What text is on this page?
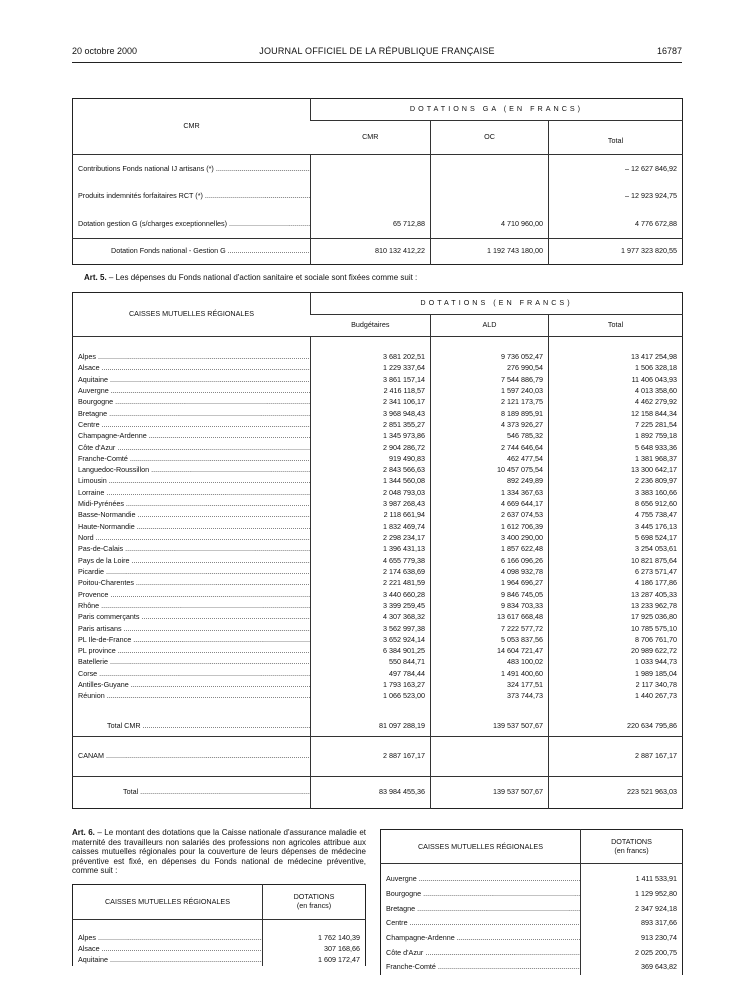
20 octobre 2000	JOURNAL OFFICIEL DE LA RÉPUBLIQUE FRANÇAISE	16787
CMR	DOTATIONS GA (EN FRANCS)		
	CMR	OC	Total
Contributions Fonds national IJ artisans (*) .....			– 12 627 846,92
Produits indemnités forfaitaires RCT (*) .....			– 12 923 924,75
Dotation gestion G (s/charges exceptionnelles) .....	65 712,88	4 710 960,00	4 776 672,88
Dotation Fonds national - Gestion G .....	810 132 412,22	1 192 743 180,00	1 977 323 820,55
Art. 5. – Les dépenses du Fonds national d'action sanitaire et sociale sont fixées comme suit :
CAISSES MUTUELLES RÉGIONALES	DOTATIONS (EN FRANCS)		
	Budgétaires	ALD	Total

Alpes .....	3 681 202,51	9 736 052,47	13 417 254,98
Alsace .....	1 229 337,64	276 990,54	1 506 328,18
Aquitaine .....	3 861 157,14	7 544 886,79	11 406 043,93
Auvergne .....	2 416 118,57	1 597 240,03	4 013 358,60
Bourgogne .....	2 341 106,17	2 121 173,75	4 462 279,92
Bretagne .....	3 968 948,43	8 189 895,91	12 158 844,34
Centre .....	2 851 355,27	4 373 926,27	7 225 281,54
Champagne-Ardenne .....	1 345 973,86	546 785,32	1 892 759,18
Côte d'Azur .....	2 904 286,72	2 744 646,64	5 648 933,36
Franche-Comté .....	919 490,83	462 477,54	1 381 968,37
Languedoc-Roussillon .....	2 843 566,63	10 457 075,54	13 300 642,17
Limousin .....	1 344 560,08	892 249,89	2 236 809,97
Lorraine .....	2 048 793,03	1 334 367,63	3 383 160,66
Midi-Pyrénées .....	3 987 268,43	4 669 644,17	8 656 912,60
Basse-Normandie .....	2 118 661,94	2 637 074,53	4 755 738,47
Haute-Normandie .....	1 832 469,74	1 612 706,39	3 445 176,13
Nord .....	2 298 234,17	3 400 290,00	5 698 524,17
Pas-de-Calais .....	1 396 431,13	1 857 622,48	3 254 053,61
Pays de la Loire .....	4 655 779,38	6 166 096,26	10 821 875,64
Picardie .....	2 174 638,69	4 098 932,78	6 273 571,47
Poitou-Charentes .....	2 221 481,59	1 964 696,27	4 186 177,86
Provence .....	3 440 660,28	9 846 745,05	13 287 405,33
Rhône .....	3 399 259,45	9 834 703,33	13 233 962,78
Paris commerçants .....	4 307 368,32	13 617 668,48	17 925 036,80
Paris artisans .....	3 562 997,38	7 222 577,72	10 785 575,10
PL Ile-de-France .....	3 652 924,14	5 053 837,56	8 706 761,70
PL province .....	6 384 901,25	14 604 721,47	20 989 622,72
Batellerie .....	550 844,71	483 100,02	1 033 944,73
Corse .....	497 784,44	1 491 400,60	1 989 185,04
Antilles-Guyane .....	1 793 163,27	324 177,51	2 117 340,78
Réunion .....	1 066 523,00	373 744,73	1 440 267,73

Total CMR .....	81 097 288,19	139 537 507,67	220 634 795,86
CANAM .....	2 887 167,17		2 887 167,17
Total .....	83 984 455,36	139 537 507,67	223 521 963,03
Art. 6. – Le montant des dotations que la Caisse nationale d'assurance maladie et maternité des travailleurs non salariés des professions non agricoles attribue aux caisses mutuelles régionales pour la couverture de leurs dépenses de médecine préventive est fixé, en dépenses du Fonds national de médecine préventive, comme suit :
CAISSES MUTUELLES RÉGIONALES	DOTATIONS
(en francs)

Alpes .....	1 762 140,39
Alsace .....	307 168,66
Aquitaine .....	1 609 172,47
CAISSES MUTUELLES RÉGIONALES	DOTATIONS
(en francs)

Auvergne .....	1 411 533,91
Bourgogne .....	1 129 952,80
Bretagne .....	2 347 924,18
Centre .....	893 317,66
Champagne-Ardenne .....	913 230,74
Côte d'Azur .....	2 025 200,75
Franche-Comté .....	369 643,82
